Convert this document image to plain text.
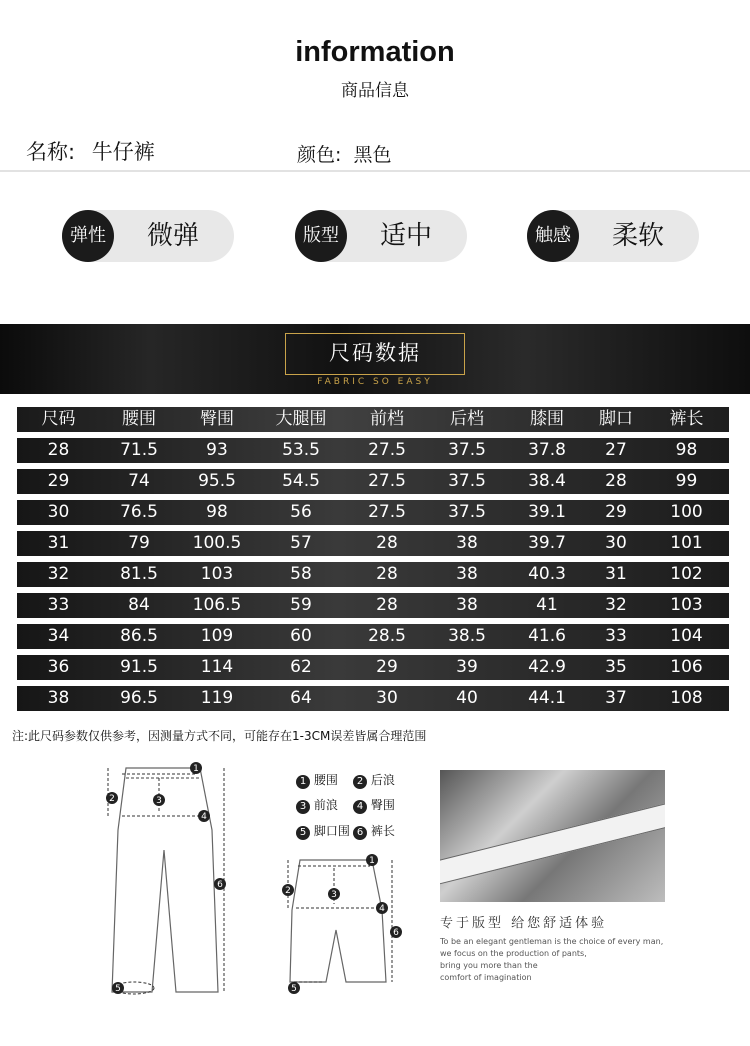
information
商品信息
名称: 牛仔裤	颜色: 黑色
弹性	微弹	版型	适中	触感	柔软
尺码数据
FABRIC SO EASY
尺码	腰围	臀围	大腿围	前档	后档	膝围	脚口	裤长
28	71.5	93	53.5	27.5	37.5	37.8	27	98
29	74	95.5	54.5	27.5	37.5	38.4	28	99
30	76.5	98	56	27.5	37.5	39.1	29	100
31	79	100.5	57	28	38	39.7	30	101
32	81.5	103	58	28	38	40.3	31	102
33	84	106.5	59	28	38	41	32	103
34	86.5	109	60	28.5	38.5	41.6	33	104
36	91.5	114	62	29	39	42.9	35	106
38	96.5	119	64	30	40	44.1	37	108
注:此尺码参数仅供参考，因测量方式不同，可能存在1-3CM误差皆属合理范围
1
2	3
4
5
6
1 腰围	2 后浪
3 前浪	4 臀围
5 脚口围 6 裤长
1
2	3
4
5
6
专于版型 给您舒适体验
To be an elegant gentleman is the choice of every man,
we focus on the production of pants,
bring you more than the
comfort of imagination
